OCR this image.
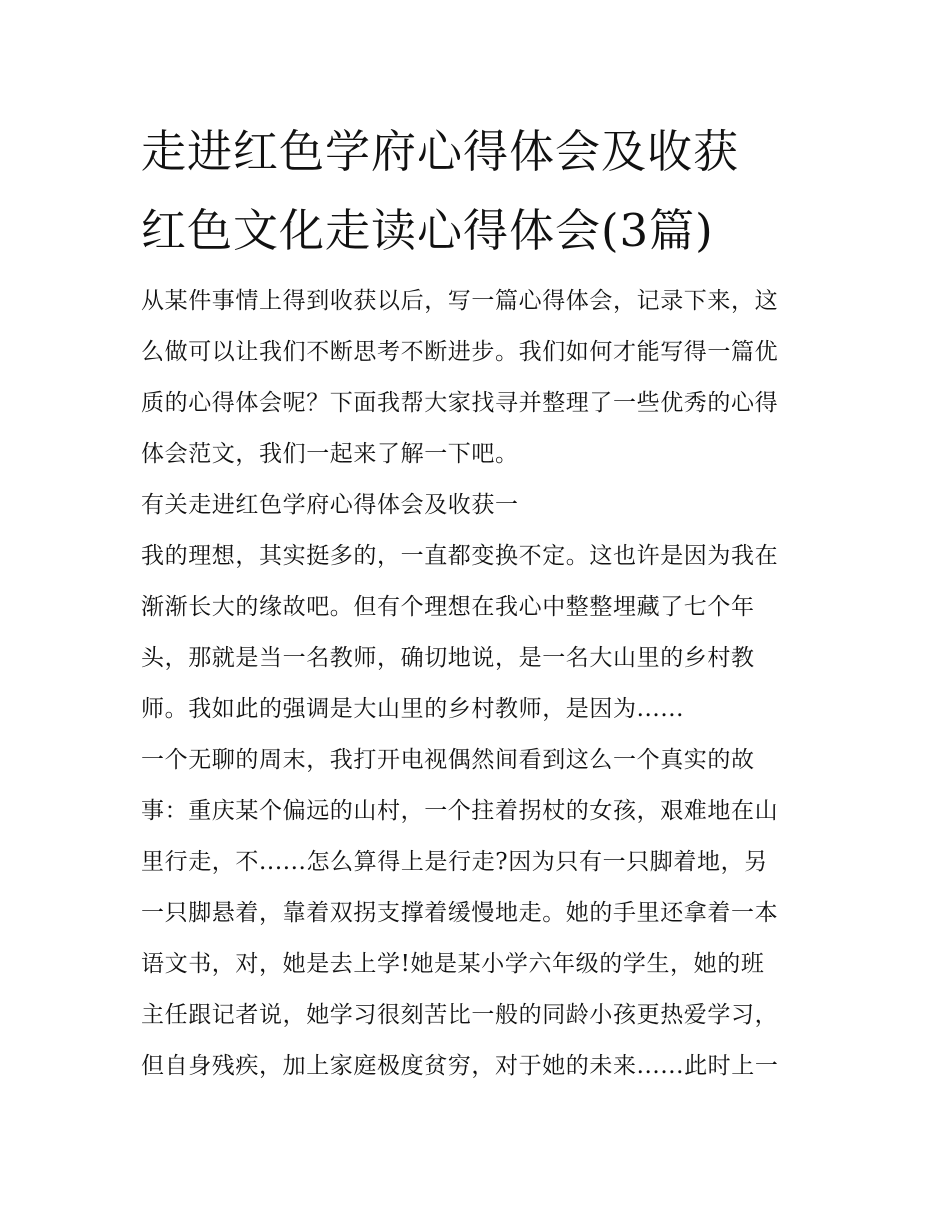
走进红色学府心得体会及收获
红色文化走读心得体会(3篇)
从某件事情上得到收获以后，写一篇心得体会，记录下来，这
么做可以让我们不断思考不断进步。我们如何才能写得一篇优
质的心得体会呢？下面我帮大家找寻并整理了一些优秀的心得
体会范文，我们一起来了解一下吧。
有关走进红色学府心得体会及收获一
我的理想，其实挺多的，一直都变换不定。这也许是因为我在
渐渐长大的缘故吧。但有个理想在我心中整整埋藏了七个年
头，那就是当一名教师，确切地说，是一名大山里的乡村教
师。我如此的强调是大山里的乡村教师，是因为......
一个无聊的周末，我打开电视偶然间看到这么一个真实的故
事：重庆某个偏远的山村，一个拄着拐杖的女孩，艰难地在山
里行走，不......怎么算得上是行走?因为只有一只脚着地，另
一只脚悬着，靠着双拐支撑着缓慢地走。她的手里还拿着一本
语文书，对，她是去上学!她是某小学六年级的学生，她的班
主任跟记者说，她学习很刻苦比一般的同龄小孩更热爱学习，
但自身残疾，加上家庭极度贫穷，对于她的未来......此时上一
